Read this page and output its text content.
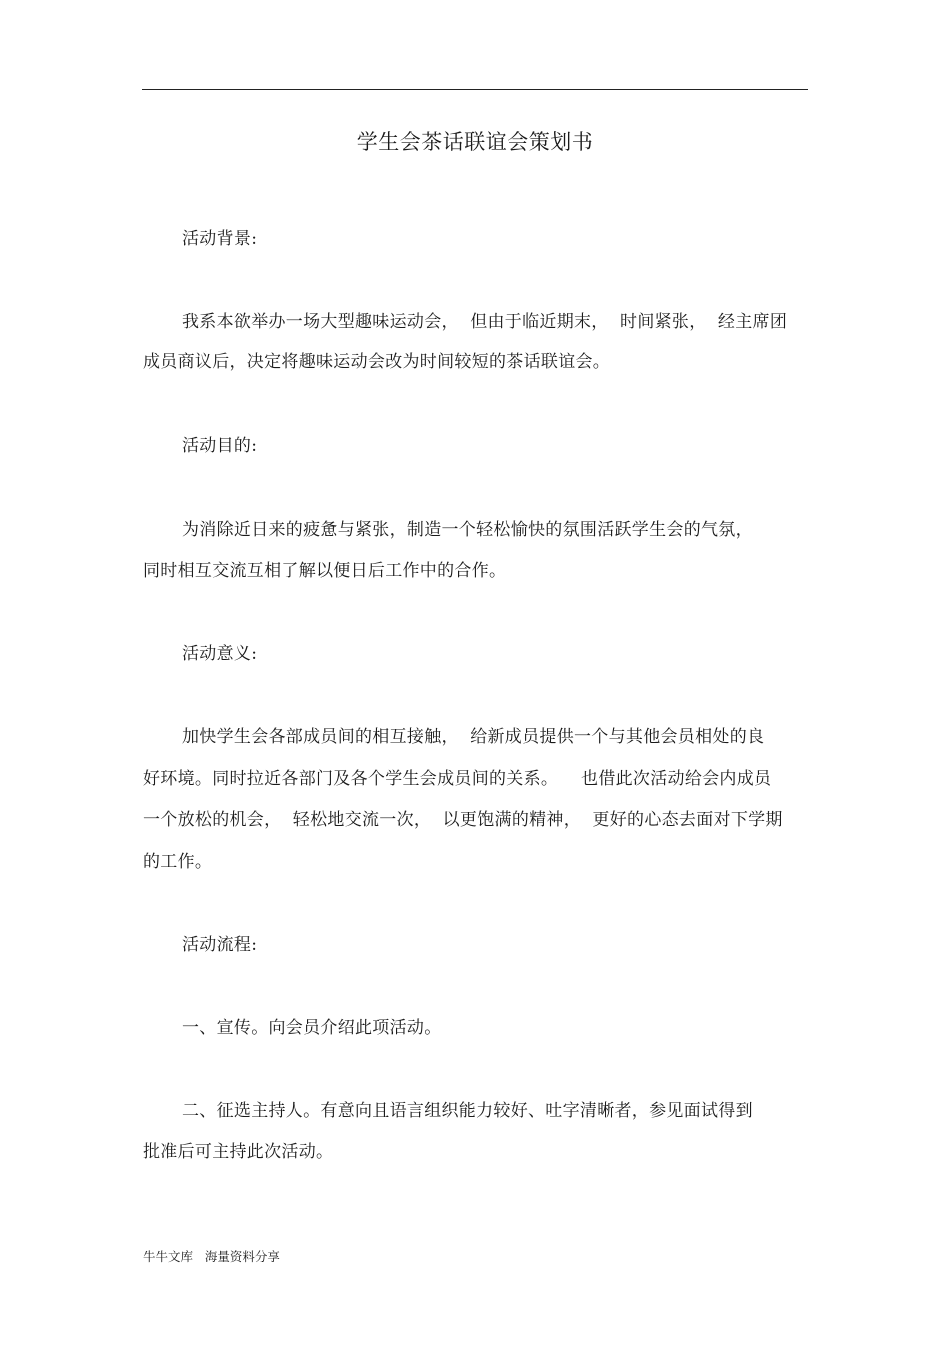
学生会茶话联谊会策划书
活动背景:
我系本欲举办一场大型趣味运动会，  但由于临近期末，  时间紧张，  经主席团
成员商议后，决定将趣味运动会改为时间较短的茶话联谊会。
活动目的:
为消除近日来的疲惫与紧张，制造一个轻松愉快的氛围活跃学生会的气氛，
同时相互交流互相了解以便日后工作中的合作。
活动意义:
加快学生会各部成员间的相互接触，  给新成员提供一个与其他会员相处的良
好环境。同时拉近各部门及各个学生会成员间的关系。    也借此次活动给会内成员
一个放松的机会，  轻松地交流一次，  以更饱满的精神，  更好的心态去面对下学期
的工作。
活动流程:
一、宣传。向会员介绍此项活动。
二、征选主持人。有意向且语言组织能力较好、吐字清晰者，参见面试得到
批准后可主持此次活动。
牛牛文库   海量资料分享
